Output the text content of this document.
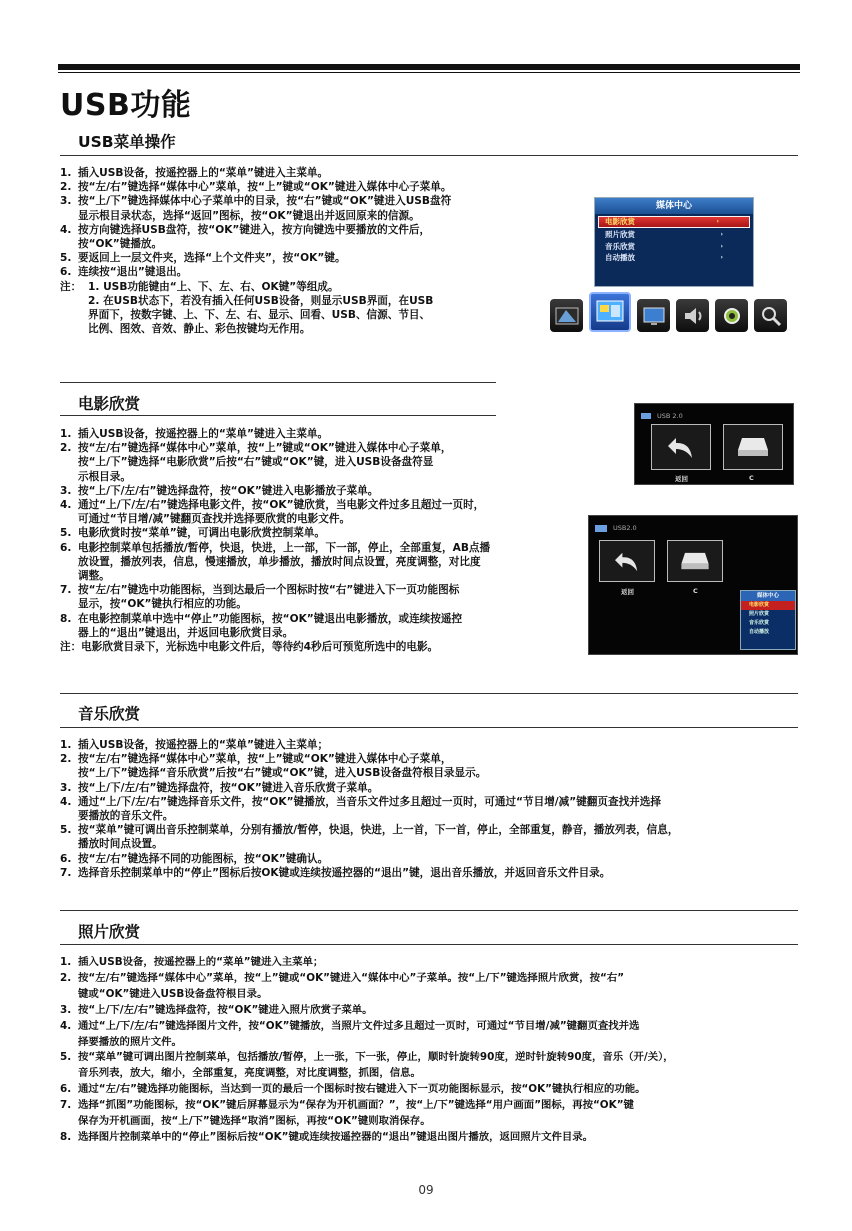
USB功能
USB菜单操作
1. 插入USB设备，按遥控器上的“菜单”键进入主菜单。
2. 按“左/右”键选择“媒体中心”菜单，按“上”键或“OK”键进入媒体中心子菜单。
3. 按“上/下”键选择媒体中心子菜单中的目录，按“右”键或“OK”键进入USB盘符
显示根目录状态，选择“返回”图标，按“OK”键退出并返回原来的信源。
4. 按方向键选择USB盘符，按“OK”键进入，按方向键选中要播放的文件后，
按“OK”键播放。
5. 要返回上一层文件夹，选择“上个文件夹”，按“OK”键。
6. 连续按“退出”键退出。
注： 1. USB功能键由“上、下、左、右、OK键”等组成。
2. 在USB状态下，若没有插入任何USB设备，则显示USB界面，在USB
界面下，按数字键、上、下、左、右、显示、回看、USB、信源、节目、
比例、图效、音效、静止、彩色按键均无作用。
媒体中心
电影欣赏	›
照片欣赏	›
音乐欣赏	›
自动播放	›
电影欣赏
1. 插入USB设备，按遥控器上的“菜单”键进入主菜单。
2. 按“左/右”键选择“媒体中心”菜单，按“上”键或“OK”键进入媒体中心子菜单，
按“上/下”键选择“电影欣赏”后按“右”键或“OK”键，进入USB设备盘符显
示根目录。
3. 按“上/下/左/右”键选择盘符，按“OK”键进入电影播放子菜单。
4. 通过“上/下/左/右”键选择电影文件，按“OK”键欣赏，当电影文件过多且超过一页时，
可通过“节目增/减”键翻页查找并选择要欣赏的电影文件。
5. 电影欣赏时按“菜单”键，可调出电影欣赏控制菜单。
6. 电影控制菜单包括播放/暂停，快退，快进，上一部，下一部，停止，全部重复，AB点播
放设置，播放列表，信息，慢速播放，单步播放，播放时间点设置，亮度调整，对比度
调整。
7. 按“左/右”键选中功能图标，当到达最后一个图标时按“右”键进入下一页功能图标
显示，按“OK”键执行相应的功能。
8. 在电影控制菜单中选中“停止”功能图标，按“OK”键退出电影播放，或连续按遥控
器上的“退出”键退出，并返回电影欣赏目录。
注：电影欣赏目录下，光标选中电影文件后，等待约4秒后可预览所选中的电影。
USB 2.0
返回	C
USB2.0
返回	C
媒体中心
电影欣赏
照片欣赏
音乐欣赏
自动播放
音乐欣赏
1. 插入USB设备，按遥控器上的“菜单”键进入主菜单；
2. 按“左/右”键选择“媒体中心”菜单，按“上”键或“OK”键进入媒体中心子菜单，
按“上/下”键选择“音乐欣赏”后按“右”键或“OK”键，进入USB设备盘符根目录显示。
3. 按“上/下/左/右”键选择盘符，按“OK”键进入音乐欣赏子菜单。
4. 通过“上/下/左/右”键选择音乐文件，按“OK”键播放，当音乐文件过多且超过一页时，可通过“节目增/减”键翻页查找并选择
要播放的音乐文件。
5. 按“菜单”键可调出音乐控制菜单，分别有播放/暂停，快退，快进，上一首，下一首，停止，全部重复，静音，播放列表，信息，
播放时间点设置。
6. 按“左/右”键选择不同的功能图标，按“OK”键确认。
7. 选择音乐控制菜单中的“停止”图标后按OK键或连续按遥控器的“退出”键，退出音乐播放，并返回音乐文件目录。
照片欣赏
1. 插入USB设备，按遥控器上的“菜单”键进入主菜单；
2. 按“左/右”键选择“媒体中心”菜单，按“上”键或“OK”键进入“媒体中心”子菜单。按“上/下”键选择照片欣赏，按“右”
键或“OK”键进入USB设备盘符根目录。
3. 按“上/下/左/右”键选择盘符，按“OK”键进入照片欣赏子菜单。
4. 通过“上/下/左/右”键选择图片文件，按“OK”键播放，当照片文件过多且超过一页时，可通过“节目增/减”键翻页查找并选
择要播放的照片文件。
5. 按“菜单”键可调出图片控制菜单，包括播放/暂停，上一张，下一张，停止，顺时针旋转90度，逆时针旋转90度，音乐（开/关），
音乐列表，放大，缩小，全部重复，亮度调整，对比度调整，抓图，信息。
6. 通过“左/右”键选择功能图标，当达到一页的最后一个图标时按右键进入下一页功能图标显示，按“OK”键执行相应的功能。
7. 选择“抓图”功能图标，按“OK”键后屏幕显示为“保存为开机画面？”，按“上/下”键选择“用户画面”图标，再按“OK”键
保存为开机画面，按“上/下”键选择“取消”图标，再按“OK”键则取消保存。
8. 选择图片控制菜单中的“停止”图标后按“OK”键或连续按遥控器的“退出”键退出图片播放，返回照片文件目录。
09
